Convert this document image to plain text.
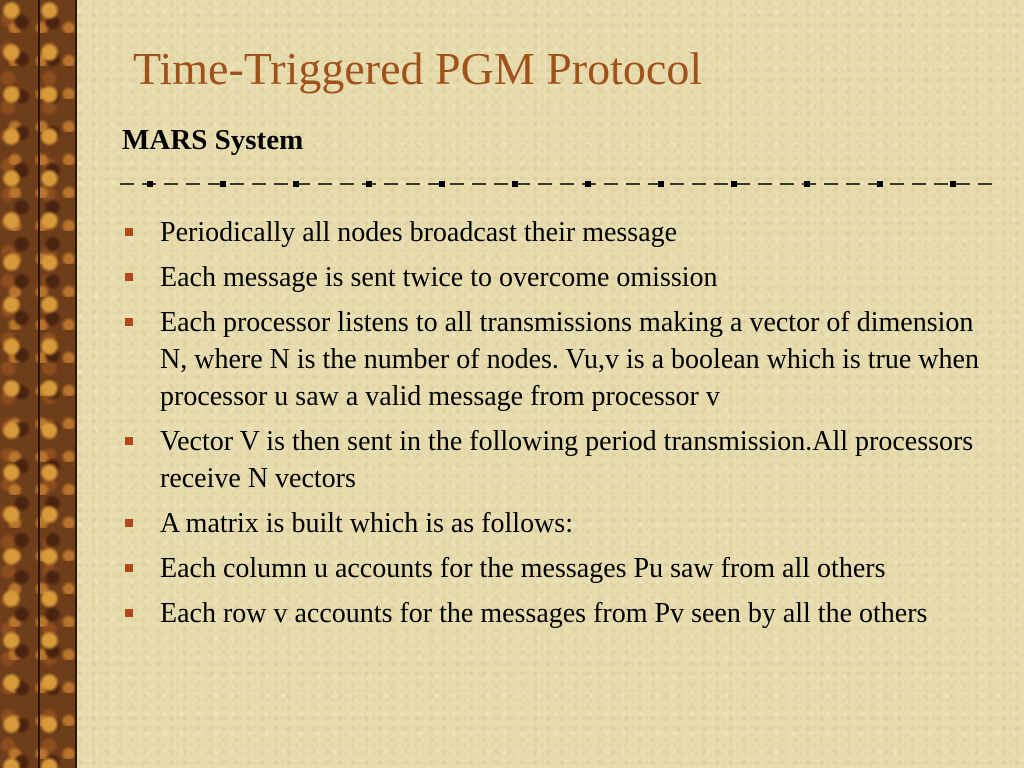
Time-Triggered PGM Protocol
MARS System
Periodically all nodes broadcast their message
Each message is sent twice to overcome omission
Each processor listens to all transmissions making a vector of dimension N, where N is the number of nodes. Vu,v is a boolean which is true when processor u saw a valid message from processor v
Vector V is then sent in the following period transmission.All processors receive N vectors
A matrix is built which is as follows:
Each column u accounts for the messages Pu saw from all others
Each row v accounts for the messages from Pv seen by all the others
